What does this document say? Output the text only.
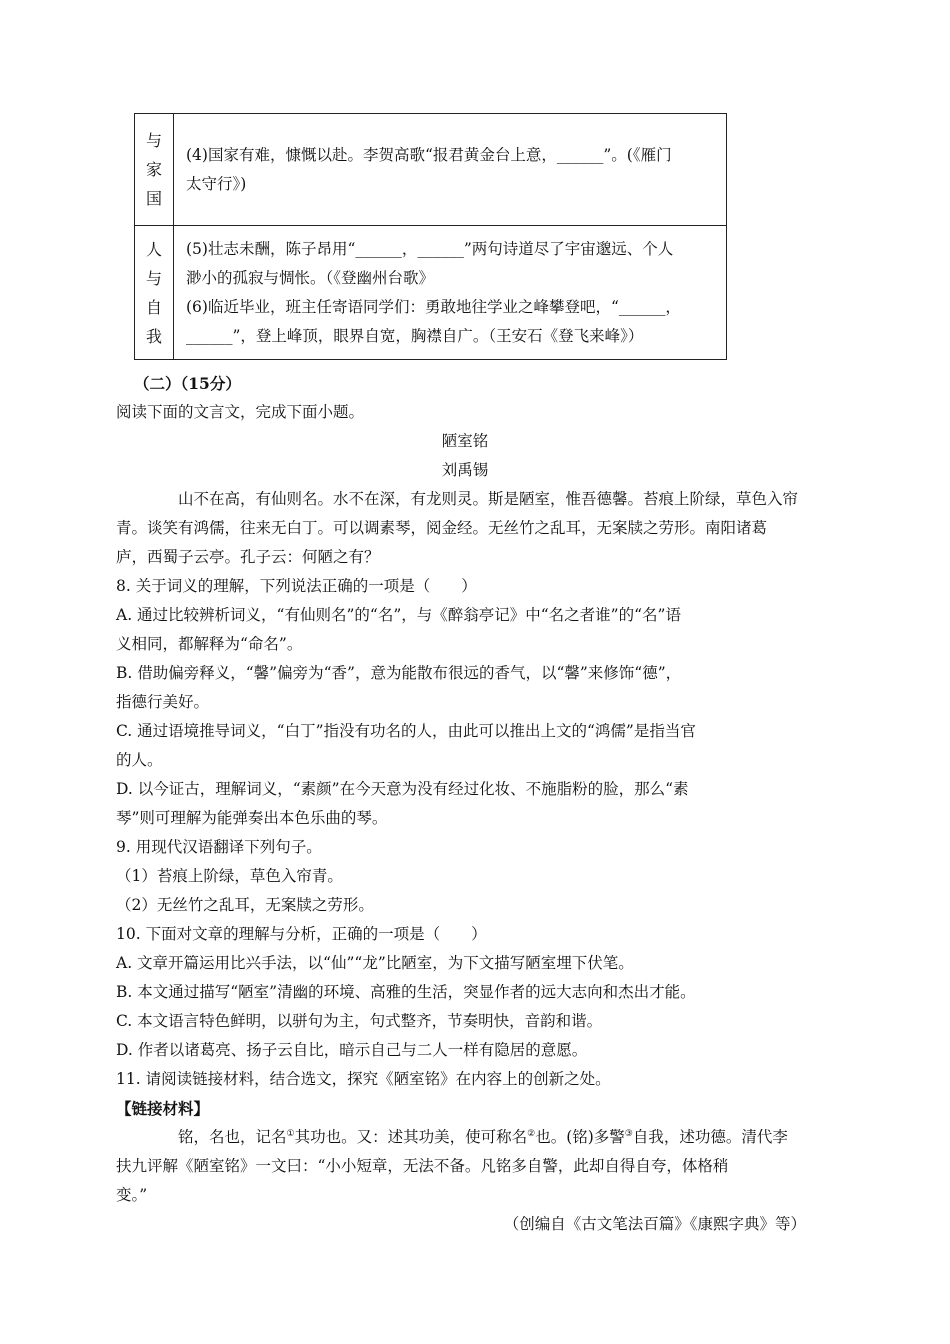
与
家
国	(4)国家有难，慷慨以赴。李贺高歌“报君黄金台上意，______”。(《雁门
太守行》)

人
与
自
我	(5)壮志未酬，陈子昂用“______，______”两句诗道尽了宇宙邈远、个人
渺小的孤寂与惆怅。（《登幽州台歌》
(6)临近毕业，班主任寄语同学们：勇敢地往学业之峰攀登吧，“______，
______”，登上峰顶，眼界自宽，胸襟自广。（王安石《登飞来峰》）
（二）（15分）
阅读下面的文言文，完成下面小题。
陋室铭
刘禹锡
山不在高，有仙则名。水不在深，有龙则灵。斯是陋室，惟吾德馨。苔痕上阶绿，草色入帘
青。谈笑有鸿儒，往来无白丁。可以调素琴，阅金经。无丝竹之乱耳，无案牍之劳形。南阳诸葛
庐，西蜀子云亭。孔子云：何陋之有？
8. 关于词义的理解，下列说法正确的一项是（　　）
A. 通过比较辨析词义，“有仙则名”的“名”，与《醉翁亭记》中“名之者谁”的“名”语
义相同，都解释为“命名”。
B. 借助偏旁释义，“馨”偏旁为“香”，意为能散布很远的香气，以“馨”来修饰“德”，
指德行美好。
C. 通过语境推导词义，“白丁”指没有功名的人，由此可以推出上文的“鸿儒”是指当官
的人。
D. 以今证古，理解词义，“素颜”在今天意为没有经过化妆、不施脂粉的脸，那么“素
琴”则可理解为能弹奏出本色乐曲的琴。
9. 用现代汉语翻译下列句子。
（1）苔痕上阶绿，草色入帘青。
（2）无丝竹之乱耳，无案牍之劳形。
10. 下面对文章的理解与分析，正确的一项是（　　）
A. 文章开篇运用比兴手法，以“仙”“龙”比陋室，为下文描写陋室埋下伏笔。
B. 本文通过描写“陋室”清幽的环境、高雅的生活，突显作者的远大志向和杰出才能。
C. 本文语言特色鲜明，以骈句为主，句式整齐，节奏明快，音韵和谐。
D. 作者以诸葛亮、扬子云自比，暗示自己与二人一样有隐居的意愿。
11. 请阅读链接材料，结合选文，探究《陋室铭》在内容上的创新之处。
【链接材料】
铭，名也，记名①其功也。又：述其功美，使可称名②也。(铭)多警③自我，述功德。清代李
扶九评解《陋室铭》一文曰：“小小短章，无法不备。凡铭多自警，此却自得自夸，体格稍
变。”
（创编自《古文笔法百篇》《康熙字典》等）
